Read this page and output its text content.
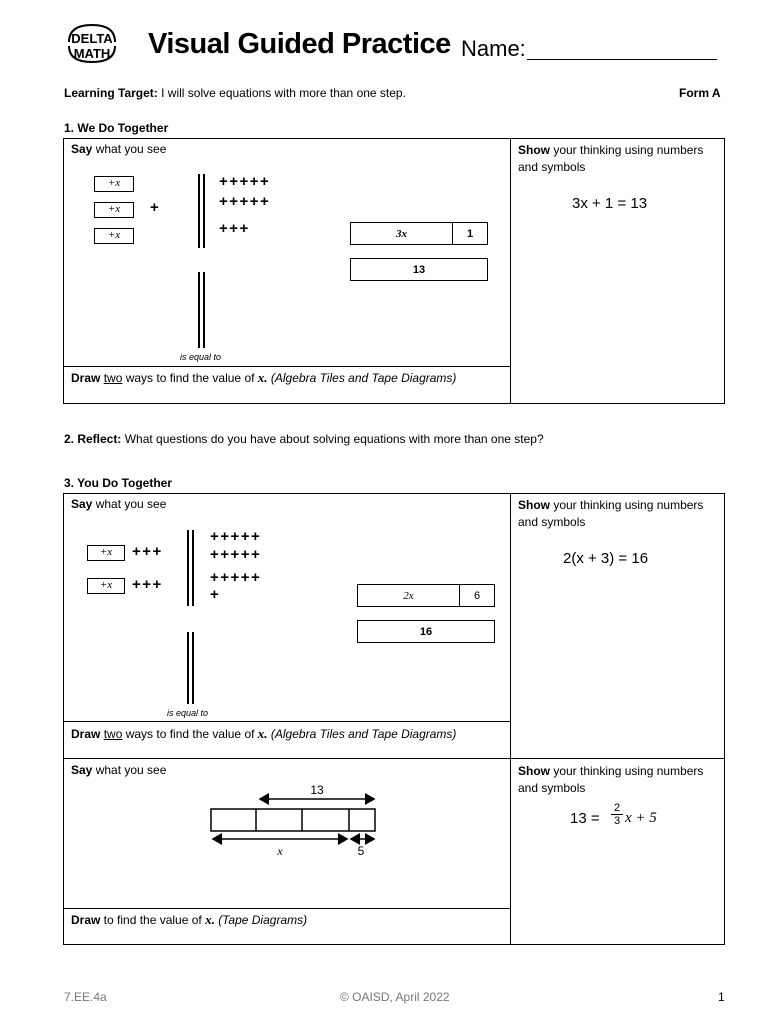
DELTA
MATH Visual Guided Practice Name:
Learning Target: I will solve equations with more than one step.	Form A
1. We Do Together
Say what you see	Show your thinking using numbers and symbols
+x
+x
+x
+
+++++
+++++
+++	3x	1
13
is equal to
3x + 1 = 13
Draw two ways to find the value of x. (Algebra Tiles and Tape Diagrams)
2. Reflect: What questions do you have about solving equations with more than one step?
3. You Do Together
Say what you see	Show your thinking using numbers and symbols
+x	+++
+x	+++
+++++
+++++
+++++
+	2x	6
16
is equal to
2(x + 3) = 16
Draw two ways to find the value of x. (Algebra Tiles and Tape Diagrams)
Say what you see	Show your thinking using numbers and symbols
13
x	5
$13 = \frac{2}{3}$ x + 5
Draw to find the value of x. (Tape Diagrams)
7.EE.4a	© OAISD, April 2022	1
